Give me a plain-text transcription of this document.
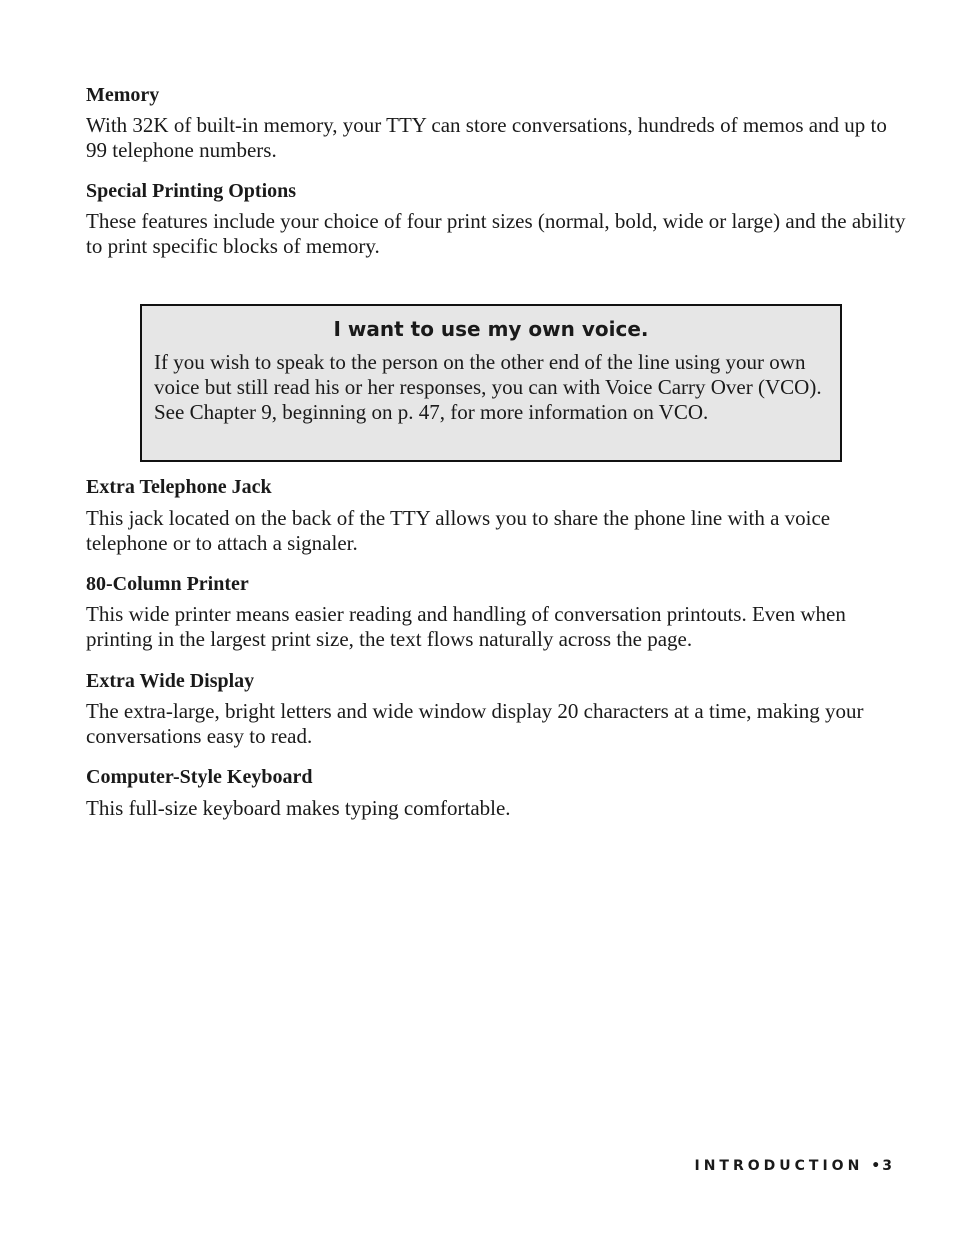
Memory

With 32K of built-in memory, your TTY can store conversations, hundreds of memos and up to 99 telephone numbers.

Special Printing Options

These features include your choice of four print sizes (normal, bold, wide or large) and the ability to print specific blocks of memory.

I want to use my own voice.

If you wish to speak to the person on the other end of the line using your own voice but still read his or her responses, you can with Voice Carry Over (VCO). See Chapter 9, beginning on p. 47, for more information on VCO.

Extra Telephone Jack

This jack located on the back of the TTY allows you to share the phone line with a voice telephone or to attach a signaler.

80-Column Printer

This wide printer means easier reading and handling of conversation printouts. Even when printing in the largest print size, the text flows naturally across the page.

Extra Wide Display

The extra-large, bright letters and wide window display 20 characters at a time, making your conversations easy to read.

Computer-Style Keyboard

This full-size keyboard makes typing comfortable.

INTRODUCTION • 3
